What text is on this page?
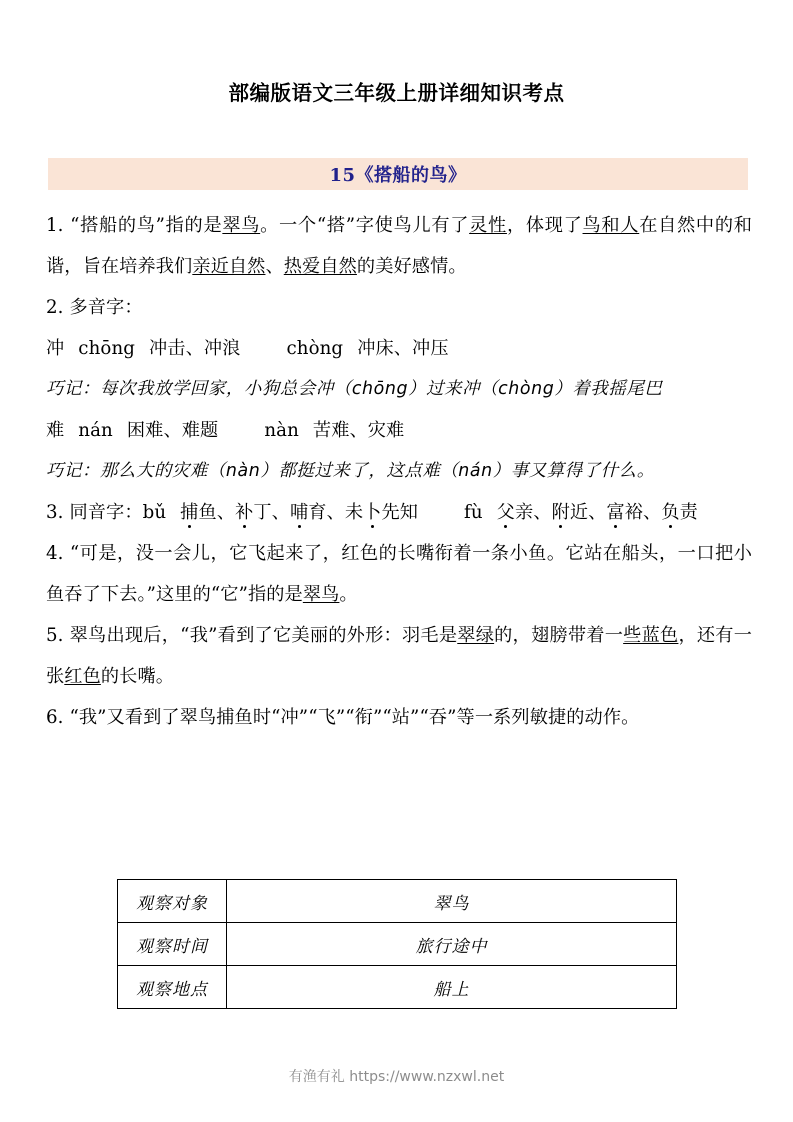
部编版语文三年级上册详细知识考点
15《搭船的鸟》

1. “搭船的鸟”指的是翠鸟。一个“搭”字使鸟儿有了灵性，体现了鸟和人在自然中的和谐，旨在培养我们亲近自然、热爱自然的美好感情。

2. 多音字：

冲 chōng 冲击、冲浪	chòng 冲床、冲压

巧记：每次我放学回家，小狗总会冲（chōng）过来冲（chòng）着我摇尾巴

难 nán 困难、难题	nàn 苦难、灾难

巧记：那么大的灾难（nàn）都挺过来了，这点难（nán）事又算得了什么。

3. 同音字：bǔ 捕鱼、补丁、哺育、未卜先知	fù 父亲、附近、富裕、负责

4. “可是，没一会儿，它飞起来了，红色的长嘴衔着一条小鱼。它站在船头，一口把小鱼吞了下去。”这里的“它”指的是翠鸟。

5. 翠鸟出现后，“我”看到了它美丽的外形：羽毛是翠绿的，翅膀带着一些蓝色，还有一张红色的长嘴。

6. “我”又看到了翠鸟捕鱼时“冲”“飞”“衔”“站”“吞”等一系列敏捷的动作。

观察对象	翠鸟
观察时间	旅行途中
观察地点	船上
有渔有礼 https://www.nzxwl.net
